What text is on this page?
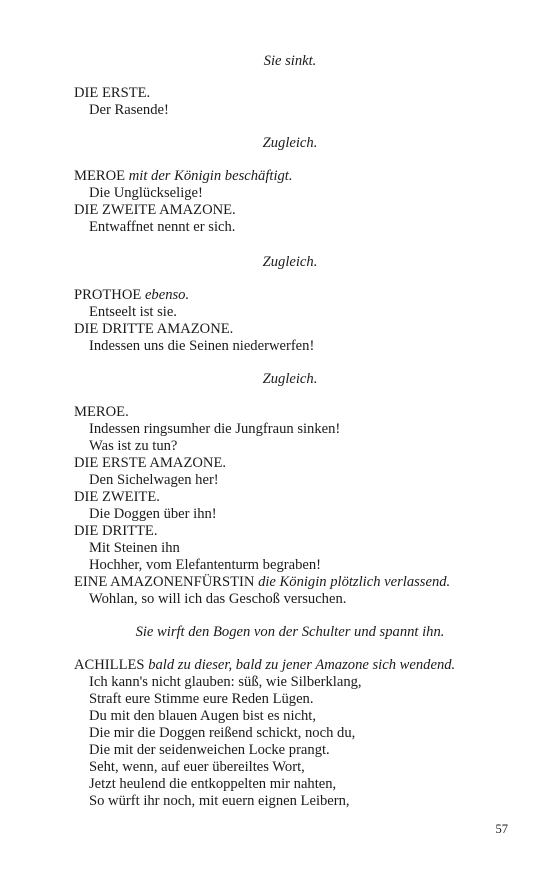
Sie sinkt.
DIE ERSTE.
Der Rasende!
Zugleich.
MEROE mit der Königin beschäftigt.
Die Unglückselige!
DIE ZWEITE AMAZONE.
Entwaffnet nennt er sich.
Zugleich.
PROTHOE ebenso.
Entseelt ist sie.
DIE DRITTE AMAZONE.
Indessen uns die Seinen niederwerfen!
Zugleich.
MEROE.
Indessen ringsumher die Jungfraun sinken!
Was ist zu tun?
DIE ERSTE AMAZONE.
Den Sichelwagen her!
DIE ZWEITE.
Die Doggen über ihn!
DIE DRITTE.
Mit Steinen ihn
Hochher, vom Elefantenturm begraben!
EINE AMAZONENFÜRSTIN die Königin plötzlich verlassend.
Wohlan, so will ich das Geschoß versuchen.
Sie wirft den Bogen von der Schulter und spannt ihn.
ACHILLES bald zu dieser, bald zu jener Amazone sich wendend.
Ich kann's nicht glauben: süß, wie Silberklang,
Straft eure Stimme eure Reden Lügen.
Du mit den blauen Augen bist es nicht,
Die mir die Doggen reißend schickt, noch du,
Die mit der seidenweichen Locke prangt.
Seht, wenn, auf euer übereiltes Wort,
Jetzt heulend die entkoppelten mir nahten,
So würft ihr noch, mit euern eignen Leibern,
57
